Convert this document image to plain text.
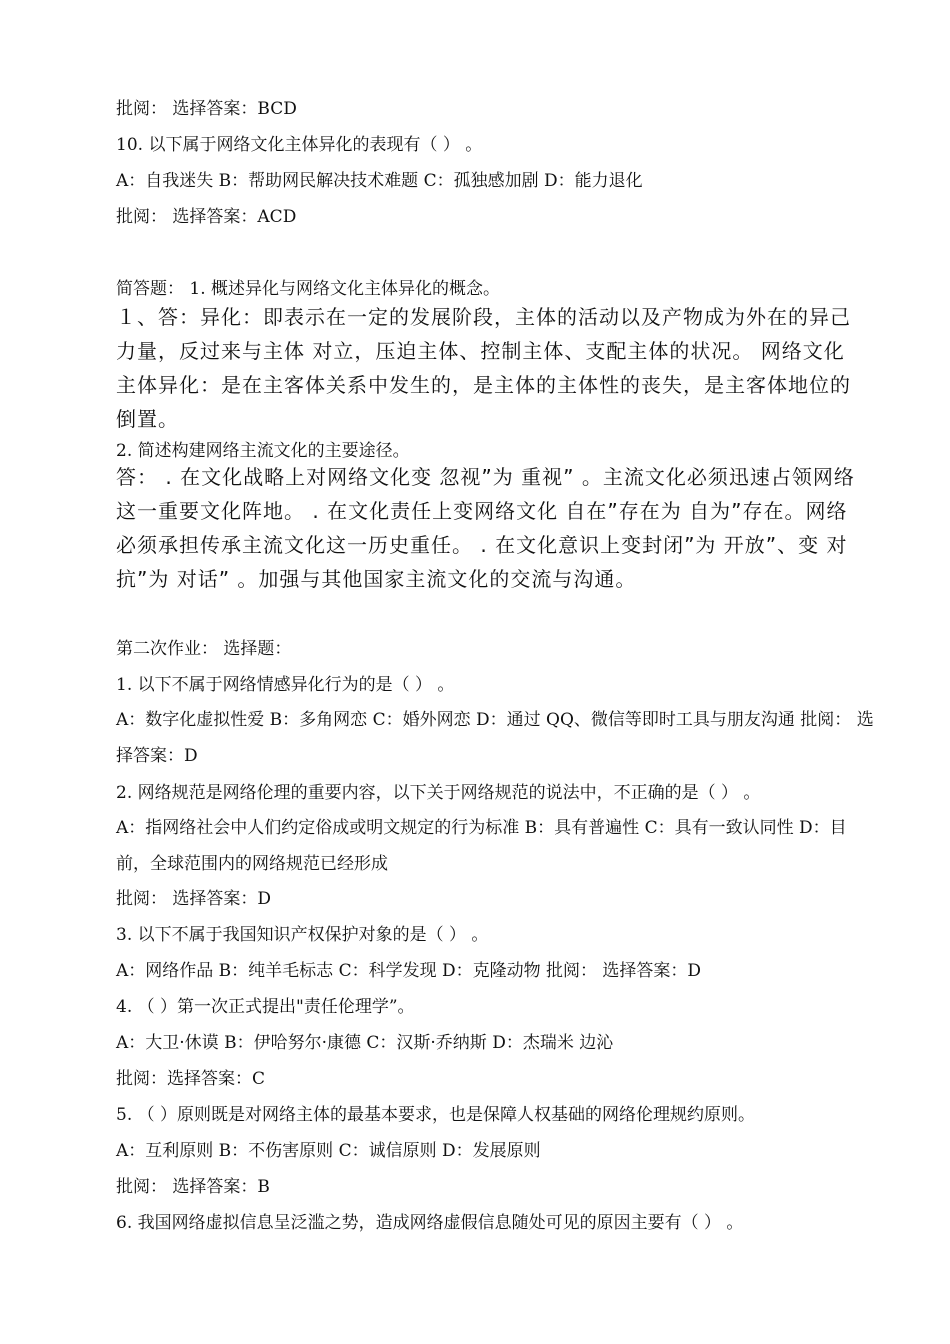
批阅： 选择答案：BCD
10. 以下属于网络文化主体异化的表现有（ ） 。
A：自我迷失 B：帮助网民解决技术难题 C：孤独感加剧 D：能力退化
批阅： 选择答案：ACD
简答题： 1. 概述异化与网络文化主体异化的概念。
１、答：异化：即表示在一定的发展阶段，主体的活动以及产物成为外在的异己力量，反过来与主体 对立，压迫主体、控制主体、支配主体的状况。 网络文化主体异化：是在主客体关系中发生的，是主体的主体性的丧失，是主客体地位的倒置。
2. 简述构建网络主流文化的主要途径。
答： . 在文化战略上对网络文化变 忽视”为 重视” 。主流文化必须迅速占领网络这一重要文化阵地。 . 在文化责任上变网络文化 自在”存在为 自为”存在。网络必须承担传承主流文化这一历史重任。 . 在文化意识上变封闭”为 开放”、变 对抗”为 对话” 。加强与其他国家主流文化的交流与沟通。
第二次作业： 选择题：
1. 以下不属于网络情感异化行为的是（ ） 。
A：数字化虚拟性爱 B：多角网恋 C：婚外网恋 D：通过 QQ、微信等即时工具与朋友沟通 批阅： 选择答案：D
2. 网络规范是网络伦理的重要内容，以下关于网络规范的说法中，不正确的是（ ） 。
A：指网络社会中人们约定俗成或明文规定的行为标准 B：具有普遍性 C：具有一致认同性 D：目前，全球范围内的网络规范已经形成
批阅： 选择答案：D
3. 以下不属于我国知识产权保护对象的是（ ） 。
A：网络作品 B：纯羊毛标志 C：科学发现 D：克隆动物 批阅： 选择答案：D
4. （ ）第一次正式提出"责任伦理学”。
A：大卫·休谟 B：伊哈努尔·康德 C：汉斯·乔纳斯 D：杰瑞米 边沁
批阅：选择答案：C
5. （ ）原则既是对网络主体的最基本要求，也是保障人权基础的网络伦理规约原则。
A：互利原则 B：不伤害原则 C：诚信原则 D：发展原则
批阅： 选择答案：B
6. 我国网络虚拟信息呈泛滥之势，造成网络虚假信息随处可见的原因主要有（ ） 。
